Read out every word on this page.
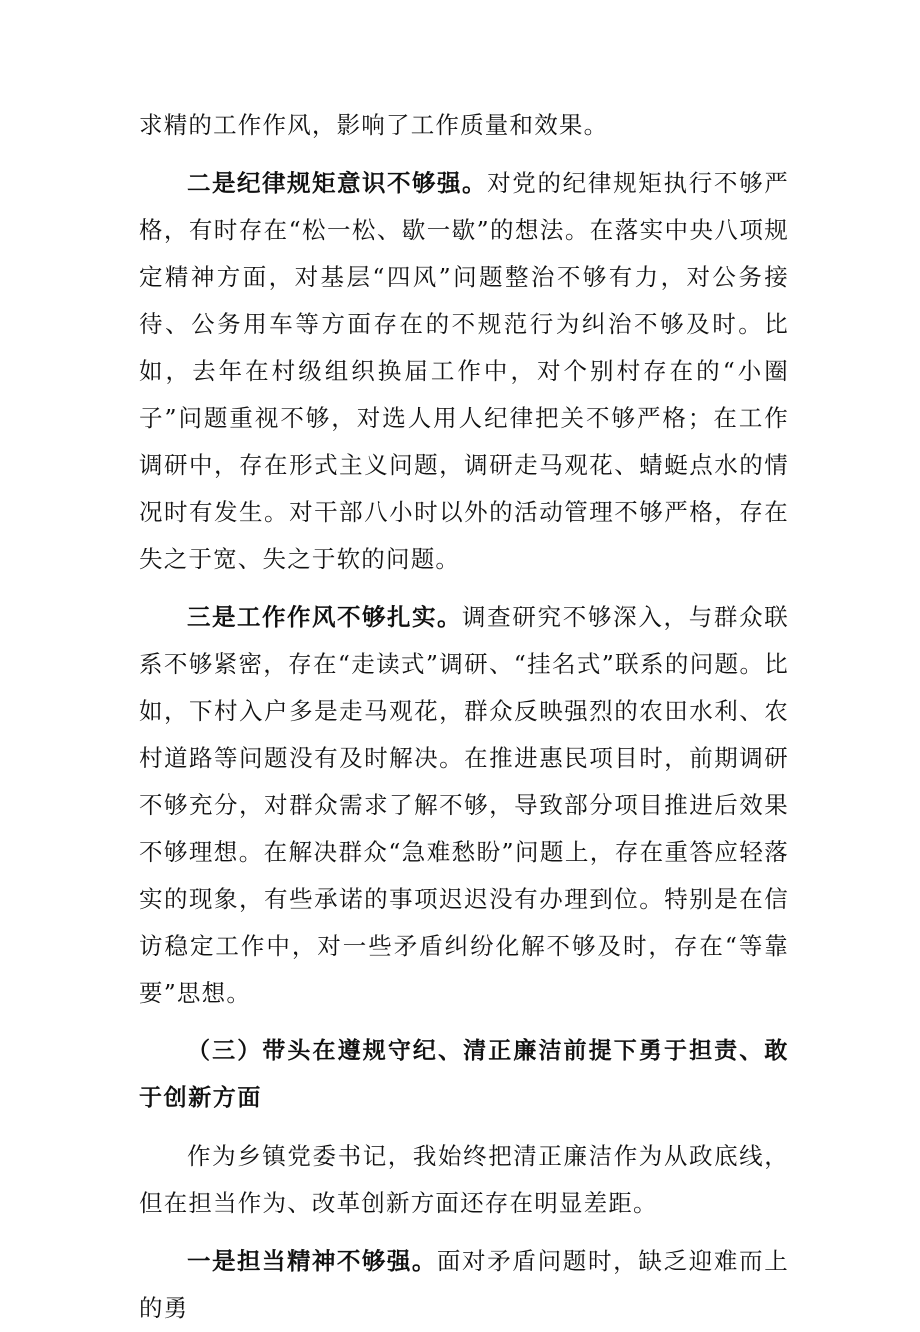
求精的工作作风，影响了工作质量和效果。

二是纪律规矩意识不够强。对党的纪律规矩执行不够严格，有时存在“松一松、歇一歇”的想法。在落实中央八项规定精神方面，对基层“四风”问题整治不够有力，对公务接待、公务用车等方面存在的不规范行为纠治不够及时。比如，去年在村级组织换届工作中，对个别村存在的“小圈子”问题重视不够，对选人用人纪律把关不够严格；在工作调研中，存在形式主义问题，调研走马观花、蜻蜓点水的情况时有发生。对干部八小时以外的活动管理不够严格，存在失之于宽、失之于软的问题。

三是工作作风不够扎实。调查研究不够深入，与群众联系不够紧密，存在“走读式”调研、“挂名式”联系的问题。比如，下村入户多是走马观花，群众反映强烈的农田水利、农村道路等问题没有及时解决。在推进惠民项目时，前期调研不够充分，对群众需求了解不够，导致部分项目推进后效果不够理想。在解决群众“急难愁盼”问题上，存在重答应轻落实的现象，有些承诺的事项迟迟没有办理到位。特别是在信访稳定工作中，对一些矛盾纠纷化解不够及时，存在“等靠要”思想。

（三）带头在遵规守纪、清正廉洁前提下勇于担责、敢于创新方面

作为乡镇党委书记，我始终把清正廉洁作为从政底线，但在担当作为、改革创新方面还存在明显差距。

一是担当精神不够强。面对矛盾问题时，缺乏迎难而上的勇
